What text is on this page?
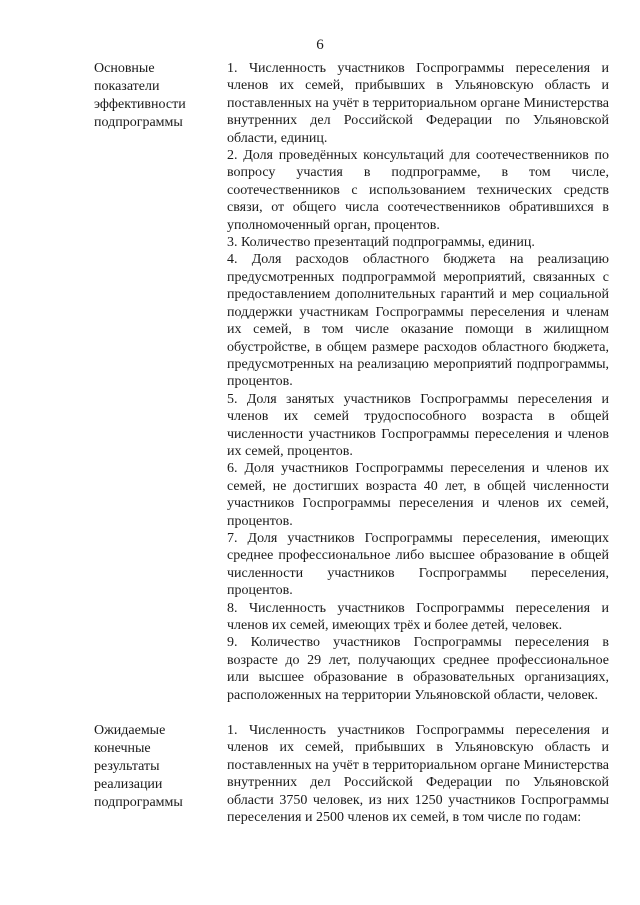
6
Основные
показатели
эффективности
подпрограммы

1. Численность участников Госпрограммы переселения и членов их семей, прибывших в Ульяновскую область и поставленных на учёт в территориальном органе Министерства внутренних дел Российской Федерации по Ульяновской области, единиц.

2. Доля проведённых консультаций для соотечественников по вопросу участия в подпрограмме, в том числе, соотечественников с использованием технических средств связи, от общего числа соотечественников обратившихся в уполномоченный орган, процентов.

3. Количество презентаций подпрограммы, единиц.

4. Доля расходов областного бюджета на реализацию предусмотренных подпрограммой мероприятий, связанных с предоставлением дополнительных гарантий и мер социальной поддержки участникам Госпрограммы переселения и членам их семей, в том числе оказание помощи в жилищном обустройстве, в общем размере расходов областного бюджета, предусмотренных на реализацию мероприятий подпрограммы, процентов.

5. Доля занятых участников Госпрограммы переселения и членов их семей трудоспособного возраста в общей численности участников Госпрограммы переселения и членов их семей, процентов.

6. Доля участников Госпрограммы переселения и членов их семей, не достигших возраста 40 лет, в общей численности участников Госпрограммы переселения и членов их семей, процентов.

7. Доля участников Госпрограммы переселения, имеющих среднее профессиональное либо высшее образование в общей численности участников Госпрограммы переселения, процентов.

8. Численность участников Госпрограммы переселения и членов их семей, имеющих трёх и более детей, человек.

9. Количество участников Госпрограммы переселения в возрасте до 29 лет, получающих среднее профессиональное или высшее образование в образовательных организациях, расположенных на территории Ульяновской области, человек.

Ожидаемые
конечные
результаты
реализации
подпрограммы

1. Численность участников Госпрограммы переселения и членов их семей, прибывших в Ульяновскую область и поставленных на учёт в территориальном органе Министерства внутренних дел Российской Федерации по Ульяновской области 3750 человек, из них 1250 участников Госпрограммы переселения и 2500 членов их семей, в том числе по годам:
